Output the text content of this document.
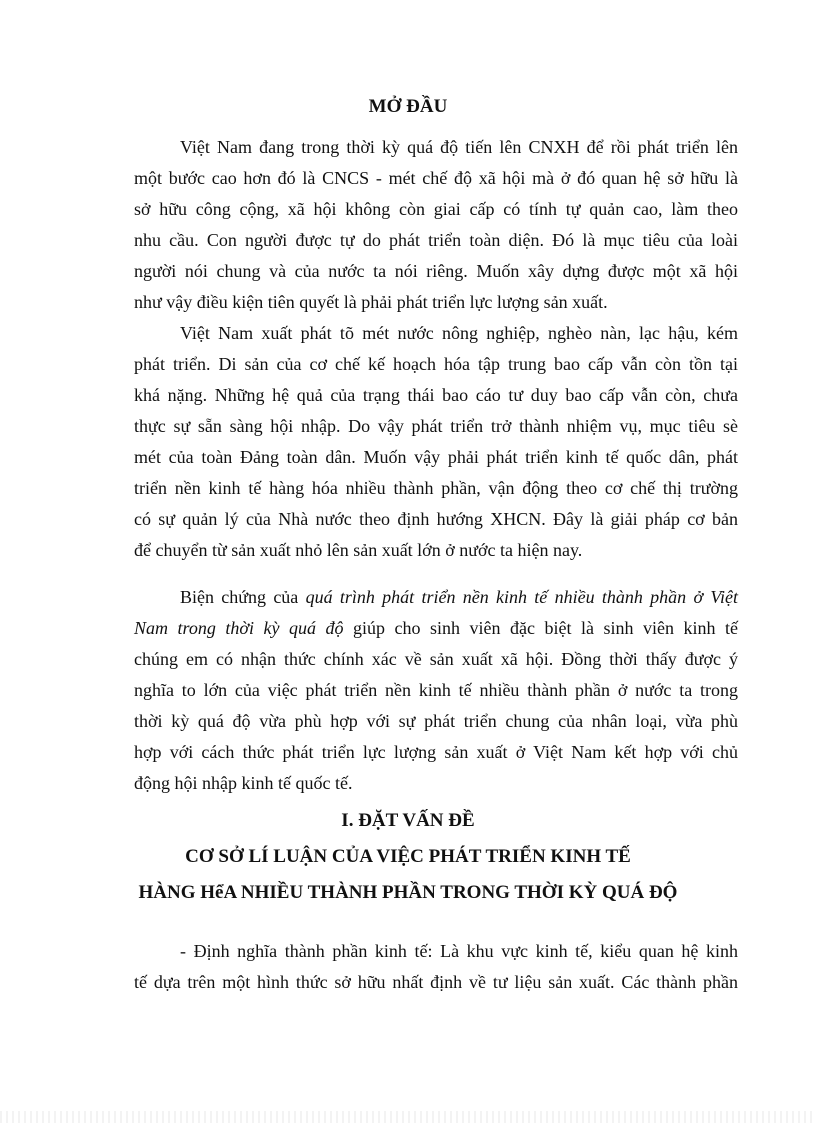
MỞ ĐẦU
Việt Nam đang trong thời kỳ quá độ tiến lên CNXH để rồi phát triển lên
một bước cao hơn đó là CNCS - mét chế độ xã hội mà ở đó quan hệ sở hữu là
sở hữu công cộng, xã hội không còn giai cấp có tính tự quản cao, làm theo
nhu cầu. Con người được tự do phát triển toàn diện. Đó là mục tiêu của loài
người nói chung và của nước ta nói riêng. Muốn xây dựng được một xã hội
như vậy điều kiện tiên quyết là phải phát triển lực lượng sản xuất.
Việt Nam xuất phát tõ mét nước nông nghiệp, nghèo nàn, lạc hậu, kém
phát triển. Di sản của cơ chế kế hoạch hóa tập trung bao cấp vẫn còn tồn tại
khá nặng. Những hệ quả của trạng thái bao cáo tư duy bao cấp vẫn còn, chưa
thực sự sẵn sàng hội nhập. Do vậy phát triển trở thành nhiệm vụ, mục tiêu sè
mét của toàn Đảng toàn dân. Muốn vậy phải phát triển kinh tế quốc dân, phát
triển nền kinh tế hàng hóa nhiều thành phần, vận động theo cơ chế thị trường
có sự quản lý của Nhà nước theo định hướng XHCN. Đây là giải pháp cơ bản
để chuyển từ sản xuất nhỏ lên sản xuất lớn ở nước ta hiện nay.
Biện chứng của quá trình phát triển nền kinh tế nhiều thành phần ở Việt
Nam trong thời kỳ quá độ giúp cho sinh viên đặc biệt là sinh viên kinh tế
chúng em có nhận thức chính xác về sản xuất xã hội. Đồng thời thấy được ý
nghĩa to lớn của việc phát triển nền kinh tế nhiều thành phần ở nước ta trong
thời kỳ quá độ vừa phù hợp với sự phát triển chung của nhân loại, vừa phù
hợp với cách thức phát triển lực lượng sản xuất ở Việt Nam kết hợp với chủ
động hội nhập kinh tế quốc tế.
I. ĐẶT VẤN ĐỀ
CƠ SỞ LÍ LUẬN CỦA VIỆC PHÁT TRIỂN KINH TẾ
HÀNG HểA NHIỀU THÀNH PHẦN TRONG THỜI KỲ QUÁ ĐỘ
- Định nghĩa thành phần kinh tế: Là khu vực kinh tế, kiểu quan hệ kinh
tế dựa trên một hình thức sở hữu nhất định về tư liệu sản xuất. Các thành phần
